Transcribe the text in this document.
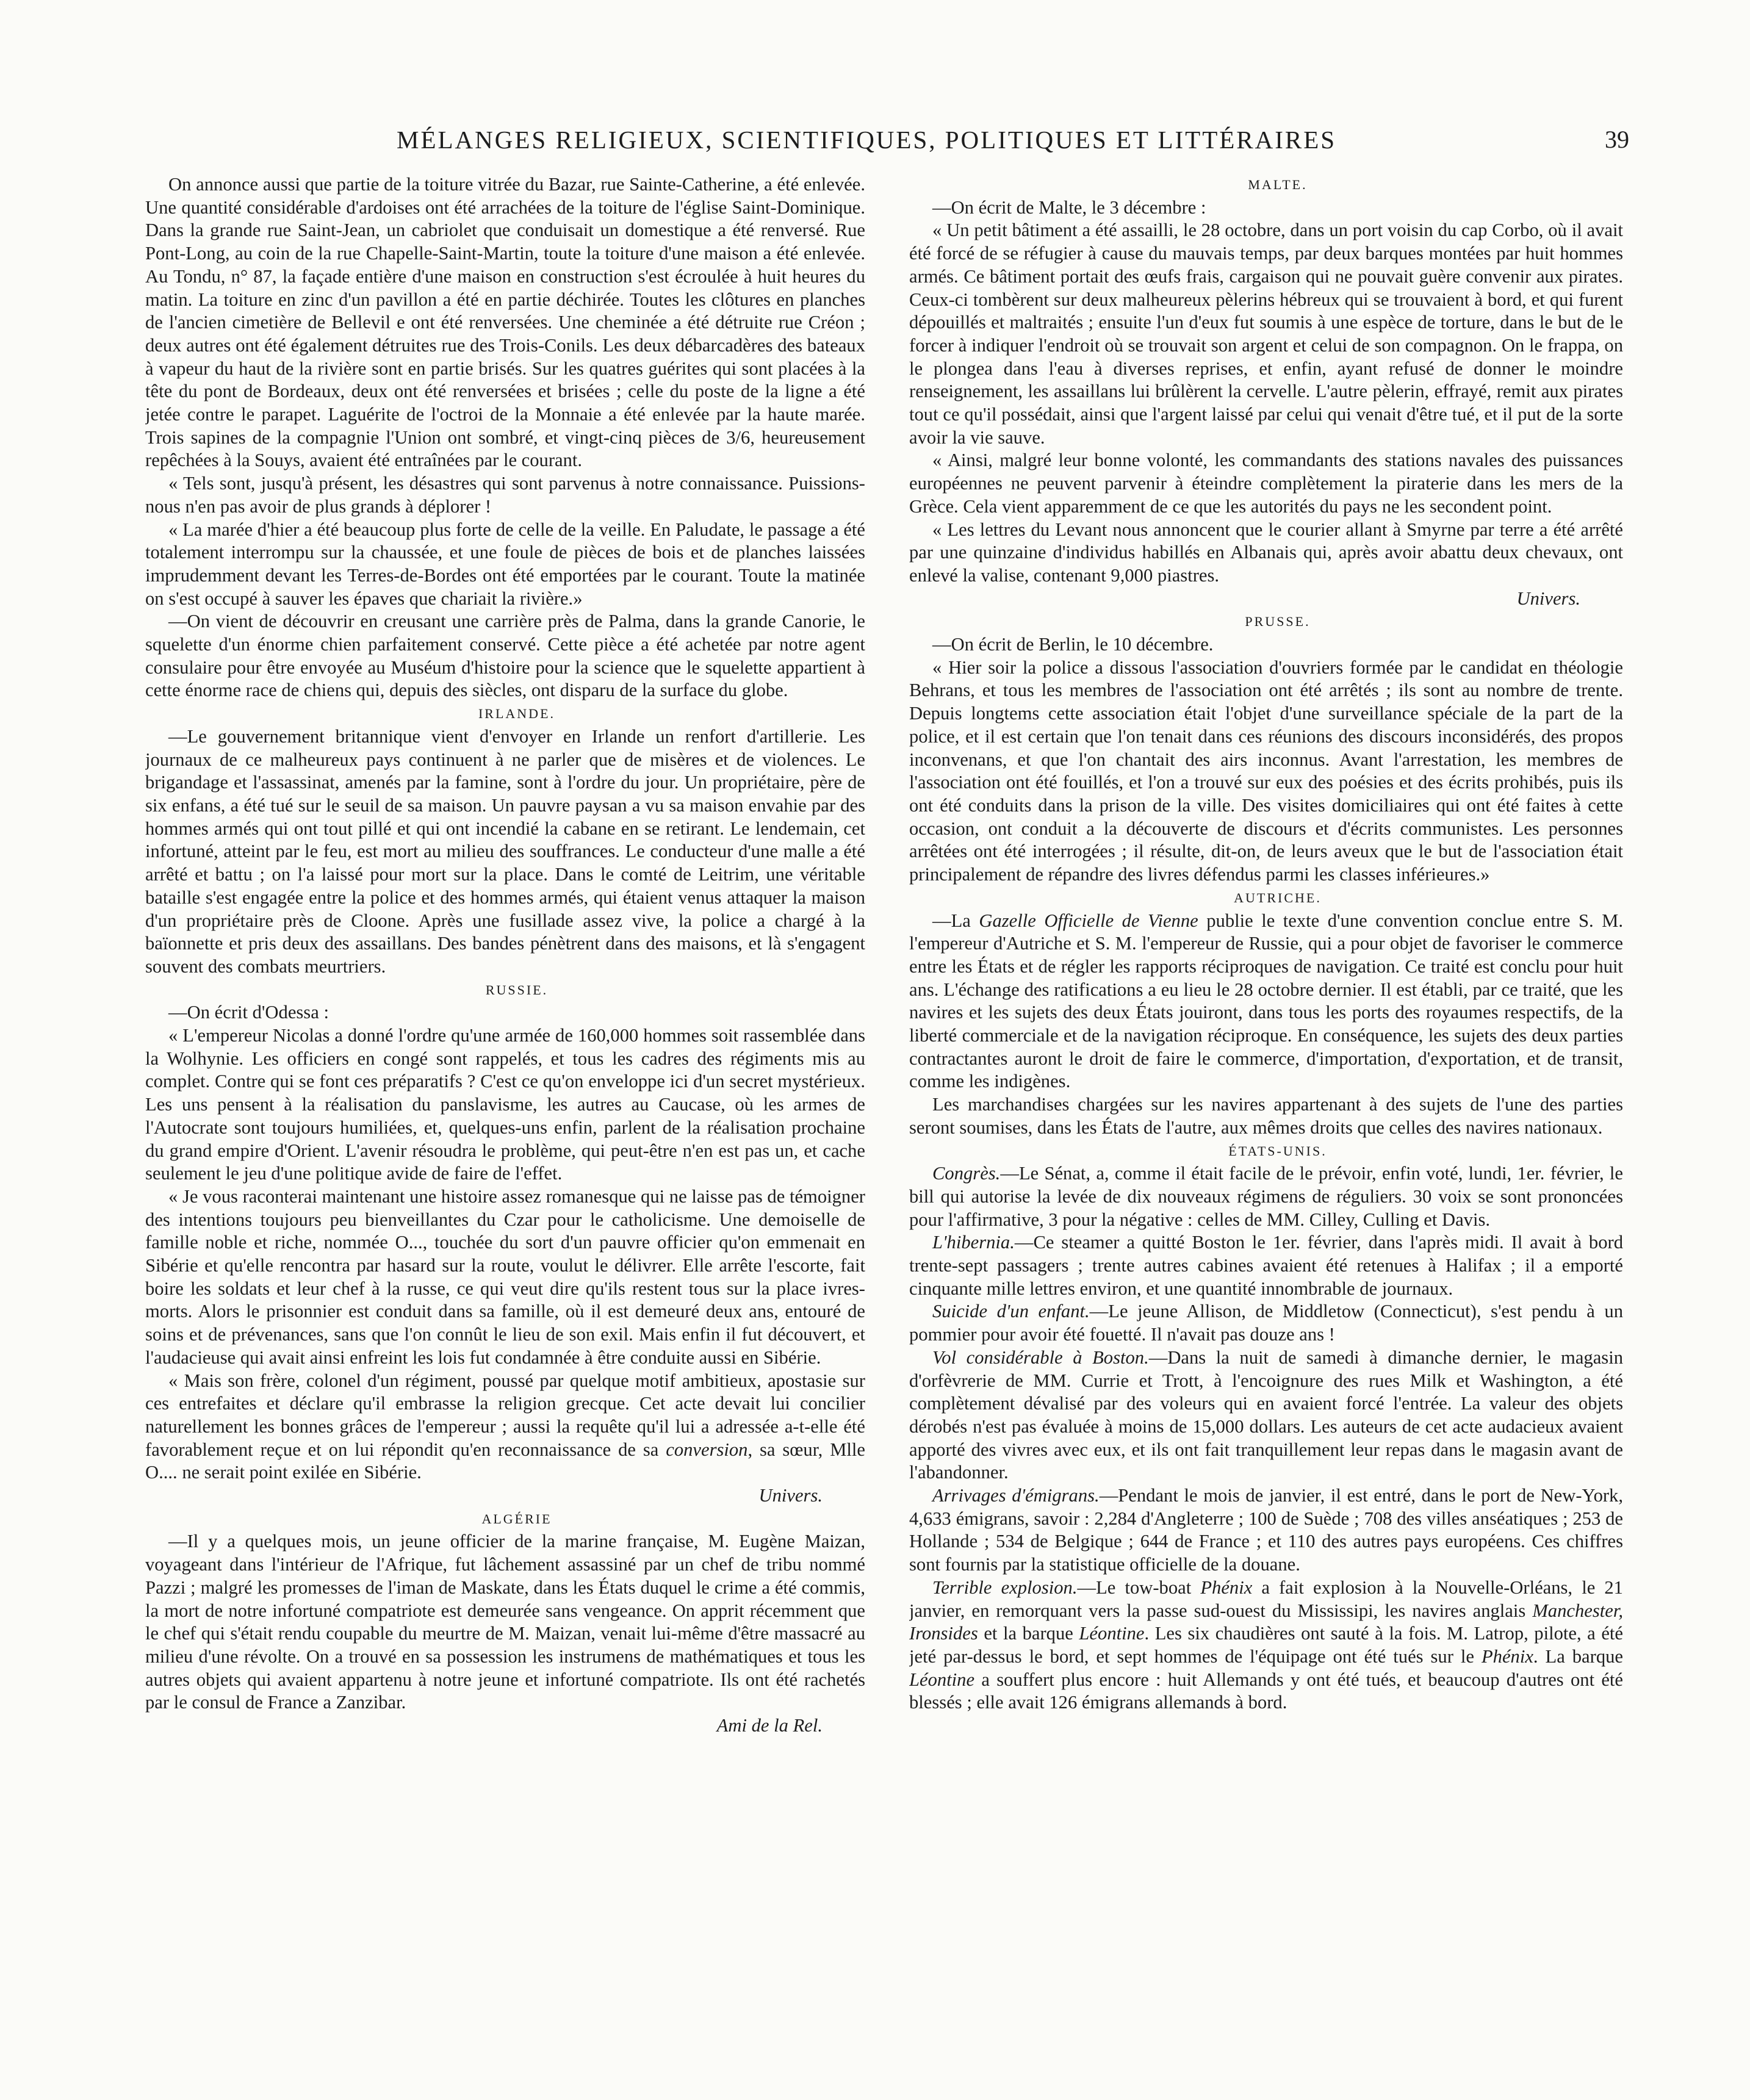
MÉLANGES RELIGIEUX, SCIENTIFIQUES, POLITIQUES ET LITTÉRAIRES	39

On annonce aussi que partie de la toiture vitrée du Bazar, rue Sainte-Catherine, a été enlevée. Une quantité considérable d'ardoises ont été arrachées de la toiture de l'église Saint-Dominique. Dans la grande rue Saint-Jean, un cabriolet que conduisait un domestique a été renversé. Rue Pont-Long, au coin de la rue Chapelle-Saint-Martin, toute la toiture d'une maison a été enlevée. Au Tondu, n° 87, la façade entière d'une maison en construction s'est écroulée à huit heures du matin. La toiture en zinc d'un pavillon a été en partie déchirée. Toutes les clôtures en planches de l'ancien cimetière de Bellevil e ont été renversées. Une cheminée a été détruite rue Créon ; deux autres ont été également détruites rue des Trois-Conils. Les deux débarcadères des bateaux à vapeur du haut de la rivière sont en partie brisés. Sur les quatres guérites qui sont placées à la tête du pont de Bordeaux, deux ont été renversées et brisées ; celle du poste de la ligne a été jetée contre le parapet. Laguérite de l'octroi de la Monnaie a été enlevée par la haute marée. Trois sapines de la compagnie l'Union ont sombré, et vingt-cinq pièces de 3/6, heureusement repêchées à la Souys, avaient été entraînées par le courant.

« Tels sont, jusqu'à présent, les désastres qui sont parvenus à notre connaissance. Puissions-nous n'en pas avoir de plus grands à déplorer !

« La marée d'hier a été beaucoup plus forte de celle de la veille. En Paludate, le passage a été totalement interrompu sur la chaussée, et une foule de pièces de bois et de planches laissées imprudemment devant les Terres-de-Bordes ont été emportées par le courant. Toute la matinée on s'est occupé à sauver les épaves que chariait la rivière.»

—On vient de découvrir en creusant une carrière près de Palma, dans la grande Canorie, le squelette d'un énorme chien parfaitement conservé. Cette pièce a été achetée par notre agent consulaire pour être envoyée au Muséum d'histoire pour la science que le squelette appartient à cette énorme race de chiens qui, depuis des siècles, ont disparu de la surface du globe.

IRLANDE.

—Le gouvernement britannique vient d'envoyer en Irlande un renfort d'artillerie. Les journaux de ce malheureux pays continuent à ne parler que de misères et de violences. Le brigandage et l'assassinat, amenés par la famine, sont à l'ordre du jour. Un propriétaire, père de six enfans, a été tué sur le seuil de sa maison. Un pauvre paysan a vu sa maison envahie par des hommes armés qui ont tout pillé et qui ont incendié la cabane en se retirant. Le lendemain, cet infortuné, atteint par le feu, est mort au milieu des souffrances. Le conducteur d'une malle a été arrêté et battu ; on l'a laissé pour mort sur la place. Dans le comté de Leitrim, une véritable bataille s'est engagée entre la police et des hommes armés, qui étaient venus attaquer la maison d'un propriétaire près de Cloone. Après une fusillade assez vive, la police a chargé à la baïonnette et pris deux des assaillans. Des bandes pénètrent dans des maisons, et là s'engagent souvent des combats meurtriers.

RUSSIE.

—On écrit d'Odessa :

« L'empereur Nicolas a donné l'ordre qu'une armée de 160,000 hommes soit rassemblée dans la Wolhynie. Les officiers en congé sont rappelés, et tous les cadres des régiments mis au complet. Contre qui se font ces préparatifs ? C'est ce qu'on enveloppe ici d'un secret mystérieux. Les uns pensent à la réalisation du panslavisme, les autres au Caucase, où les armes de l'Autocrate sont toujours humiliées, et, quelques-uns enfin, parlent de la réalisation prochaine du grand empire d'Orient. L'avenir résoudra le problème, qui peut-être n'en est pas un, et cache seulement le jeu d'une politique avide de faire de l'effet.

« Je vous raconterai maintenant une histoire assez romanesque qui ne laisse pas de témoigner des intentions toujours peu bienveillantes du Czar pour le catholicisme. Une demoiselle de famille noble et riche, nommée O..., touchée du sort d'un pauvre officier qu'on emmenait en Sibérie et qu'elle rencontra par hasard sur la route, voulut le délivrer. Elle arrête l'escorte, fait boire les soldats et leur chef à la russe, ce qui veut dire qu'ils restent tous sur la place ivres-morts. Alors le prisonnier est conduit dans sa famille, où il est demeuré deux ans, entouré de soins et de prévenances, sans que l'on connût le lieu de son exil. Mais enfin il fut découvert, et l'audacieuse qui avait ainsi enfreint les lois fut condamnée à être conduite aussi en Sibérie.

« Mais son frère, colonel d'un régiment, poussé par quelque motif ambitieux, apostasie sur ces entrefaites et déclare qu'il embrasse la religion grecque. Cet acte devait lui concilier naturellement les bonnes grâces de l'empereur ; aussi la requête qu'il lui a adressée a-t-elle été favorablement reçue et on lui répondit qu'en reconnaissance de sa conversion, sa sœur, Mlle O.... ne serait point exilée en Sibérie.

Univers.

ALGÉRIE

—Il y a quelques mois, un jeune officier de la marine française, M. Eugène Maizan, voyageant dans l'intérieur de l'Afrique, fut lâchement assassiné par un chef de tribu nommé Pazzi ; malgré les promesses de l'iman de Maskate, dans les États duquel le crime a été commis, la mort de notre infortuné compatriote est demeurée sans vengeance. On apprit récemment que le chef qui s'était rendu coupable du meurtre de M. Maizan, venait lui-même d'être massacré au milieu d'une révolte. On a trouvé en sa possession les instrumens de mathématiques et tous les autres objets qui avaient appartenu à notre jeune et infortuné compatriote. Ils ont été rachetés par le consul de France a Zanzibar.

Ami de la Rel.

MALTE.

—On écrit de Malte, le 3 décembre :

« Un petit bâtiment a été assailli, le 28 octobre, dans un port voisin du cap Corbo, où il avait été forcé de se réfugier à cause du mauvais temps, par deux barques montées par huit hommes armés. Ce bâtiment portait des œufs frais, cargaison qui ne pouvait guère convenir aux pirates. Ceux-ci tombèrent sur deux malheureux pèlerins hébreux qui se trouvaient à bord, et qui furent dépouillés et maltraités ; ensuite l'un d'eux fut soumis à une espèce de torture, dans le but de le forcer à indiquer l'endroit où se trouvait son argent et celui de son compagnon. On le frappa, on le plongea dans l'eau à diverses reprises, et enfin, ayant refusé de donner le moindre renseignement, les assaillans lui brûlèrent la cervelle. L'autre pèlerin, effrayé, remit aux pirates tout ce qu'il possédait, ainsi que l'argent laissé par celui qui venait d'être tué, et il put de la sorte avoir la vie sauve.

« Ainsi, malgré leur bonne volonté, les commandants des stations navales des puissances européennes ne peuvent parvenir à éteindre complètement la piraterie dans les mers de la Grèce. Cela vient apparemment de ce que les autorités du pays ne les secondent point.

« Les lettres du Levant nous annoncent que le courier allant à Smyrne par terre a été arrêté par une quinzaine d'individus habillés en Albanais qui, après avoir abattu deux chevaux, ont enlevé la valise, contenant 9,000 piastres.

Univers.

PRUSSE.

—On écrit de Berlin, le 10 décembre.

« Hier soir la police a dissous l'association d'ouvriers formée par le candidat en théologie Behrans, et tous les membres de l'association ont été arrêtés ; ils sont au nombre de trente. Depuis longtems cette association était l'objet d'une surveillance spéciale de la part de la police, et il est certain que l'on tenait dans ces réunions des discours inconsidérés, des propos inconvenans, et que l'on chantait des airs inconnus. Avant l'arrestation, les membres de l'association ont été fouillés, et l'on a trouvé sur eux des poésies et des écrits prohibés, puis ils ont été conduits dans la prison de la ville. Des visites domiciliaires qui ont été faites à cette occasion, ont conduit a la découverte de discours et d'écrits communistes. Les personnes arrêtées ont été interrogées ; il résulte, dit-on, de leurs aveux que le but de l'association était principalement de répandre des livres défendus parmi les classes inférieures.»

AUTRICHE.

—La Gazelle Officielle de Vienne publie le texte d'une convention conclue entre S. M. l'empereur d'Autriche et S. M. l'empereur de Russie, qui a pour objet de favoriser le commerce entre les États et de régler les rapports réciproques de navigation. Ce traité est conclu pour huit ans. L'échange des ratifications a eu lieu le 28 octobre dernier. Il est établi, par ce traité, que les navires et les sujets des deux États jouiront, dans tous les ports des royaumes respectifs, de la liberté commerciale et de la navigation réciproque. En conséquence, les sujets des deux parties contractantes auront le droit de faire le commerce, d'importation, d'exportation, et de transit, comme les indigènes.

Les marchandises chargées sur les navires appartenant à des sujets de l'une des parties seront soumises, dans les États de l'autre, aux mêmes droits que celles des navires nationaux.

ÉTATS-UNIS.

Congrès.—Le Sénat, a, comme il était facile de le prévoir, enfin voté, lundi, 1er. février, le bill qui autorise la levée de dix nouveaux régimens de réguliers. 30 voix se sont prononcées pour l'affirmative, 3 pour la négative : celles de MM. Cilley, Culling et Davis.

L'hibernia.—Ce steamer a quitté Boston le 1er. février, dans l'après midi. Il avait à bord trente-sept passagers ; trente autres cabines avaient été retenues à Halifax ; il a emporté cinquante mille lettres environ, et une quantité innombrable de journaux.

Suicide d'un enfant.—Le jeune Allison, de Middletow (Connecticut), s'est pendu à un pommier pour avoir été fouetté. Il n'avait pas douze ans !

Vol considérable à Boston.—Dans la nuit de samedi à dimanche dernier, le magasin d'orfèvrerie de MM. Currie et Trott, à l'encoignure des rues Milk et Washington, a été complètement dévalisé par des voleurs qui en avaient forcé l'entrée. La valeur des objets dérobés n'est pas évaluée à moins de 15,000 dollars. Les auteurs de cet acte audacieux avaient apporté des vivres avec eux, et ils ont fait tranquillement leur repas dans le magasin avant de l'abandonner.

Arrivages d'émigrans.—Pendant le mois de janvier, il est entré, dans le port de New-York, 4,633 émigrans, savoir : 2,284 d'Angleterre ; 100 de Suède ; 708 des villes anséatiques ; 253 de Hollande ; 534 de Belgique ; 644 de France ; et 110 des autres pays européens. Ces chiffres sont fournis par la statistique officielle de la douane.

Terrible explosion.—Le tow-boat Phénix a fait explosion à la Nouvelle-Orléans, le 21 janvier, en remorquant vers la passe sud-ouest du Mississipi, les navires anglais Manchester, Ironsides et la barque Léontine. Les six chaudières ont sauté à la fois. M. Latrop, pilote, a été jeté par-dessus le bord, et sept hommes de l'équipage ont été tués sur le Phénix. La barque Léontine a souffert plus encore : huit Allemands y ont été tués, et beaucoup d'autres ont été blessés ; elle avait 126 émigrans allemands à bord.
